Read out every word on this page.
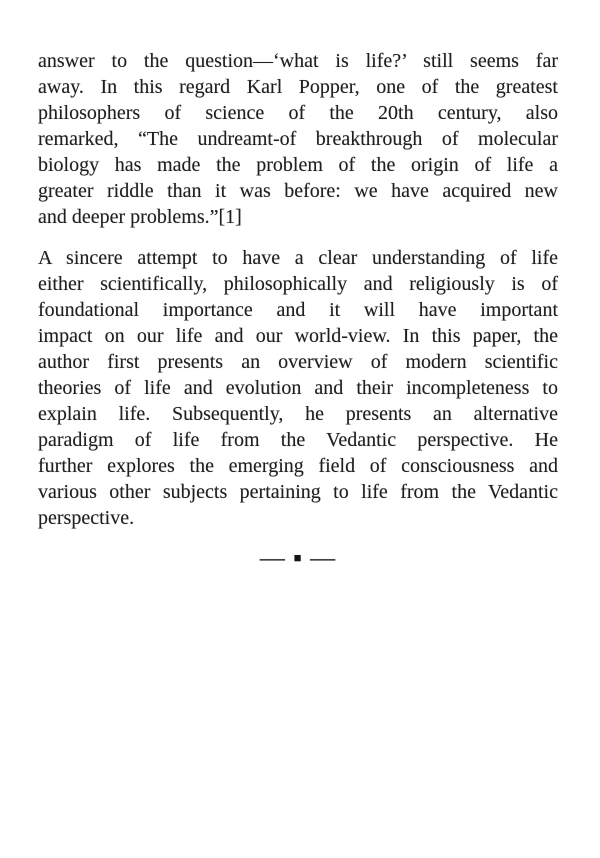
answer to the question—‘what is life?’ still seems far
away. In this regard Karl Popper, one of the greatest
philosophers of science of the 20th century, also
remarked, “The undreamt-of breakthrough of molecular
biology has made the problem of the origin of life a
greater riddle than it was before: we have acquired new
and deeper problems.”[1]
A sincere attempt to have a clear understanding of life
either scientifically, philosophically and religiously is of
foundational importance and it will have important
impact on our life and our world-view. In this paper, the
author first presents an overview of modern scientific
theories of life and evolution and their incompleteness to
explain life. Subsequently, he presents an alternative
paradigm of life from the Vedantic perspective. He
further explores the emerging field of consciousness and
various other subjects pertaining to life from the Vedantic
perspective.
— ▪ —
